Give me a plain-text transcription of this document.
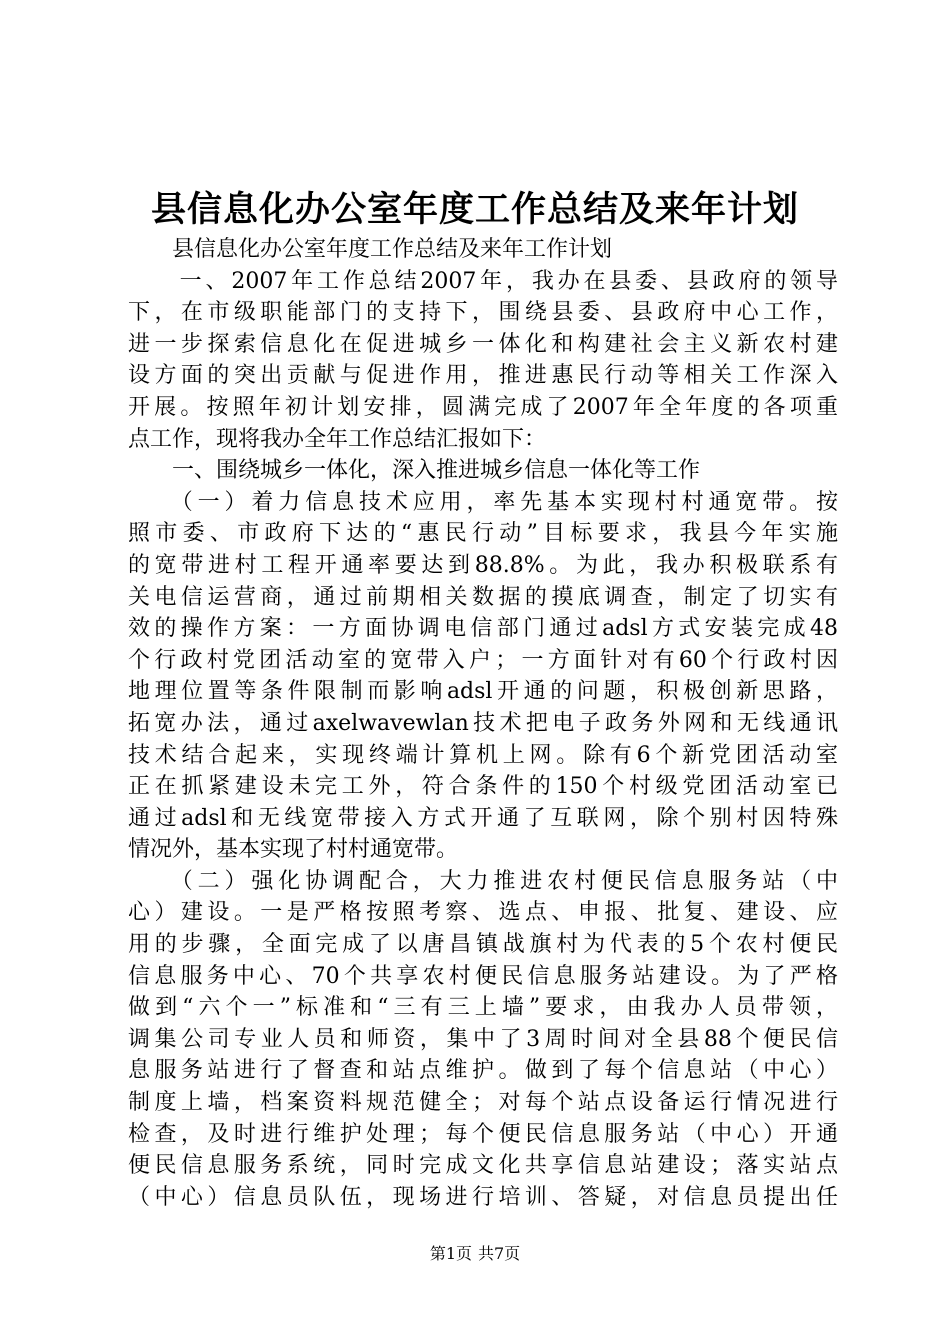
县信息化办公室年度工作总结及来年计划
　　县信息化办公室年度工作总结及来年工作计划
　　一、2007年工作总结2007年，我办在县委、县政府的领导
下，在市级职能部门的支持下，围绕县委、县政府中心工作，
进一步探索信息化在促进城乡一体化和构建社会主义新农村建
设方面的突出贡献与促进作用，推进惠民行动等相关工作深入
开展。按照年初计划安排，圆满完成了2007年全年度的各项重
点工作，现将我办全年工作总结汇报如下：
　　一、围绕城乡一体化，深入推进城乡信息一体化等工作
　　（一）着力信息技术应用，率先基本实现村村通宽带。按
照市委、市政府下达的“惠民行动”目标要求，我县今年实施
的宽带进村工程开通率要达到88.8%。为此，我办积极联系有
关电信运营商，通过前期相关数据的摸底调查，制定了切实有
效的操作方案：一方面协调电信部门通过adsl方式安装完成48
个行政村党团活动室的宽带入户；一方面针对有60个行政村因
地理位置等条件限制而影响adsl开通的问题，积极创新思路，
拓宽办法，通过axelwavewlan技术把电子政务外网和无线通讯
技术结合起来，实现终端计算机上网。除有6个新党团活动室
正在抓紧建设未完工外，符合条件的150个村级党团活动室已
通过adsl和无线宽带接入方式开通了互联网，除个别村因特殊
情况外，基本实现了村村通宽带。
　　（二）强化协调配合，大力推进农村便民信息服务站（中
心）建设。一是严格按照考察、选点、申报、批复、建设、应
用的步骤，全面完成了以唐昌镇战旗村为代表的5个农村便民
信息服务中心、70个共享农村便民信息服务站建设。为了严格
做到“六个一”标准和“三有三上墙”要求，由我办人员带领，
调集公司专业人员和师资，集中了3周时间对全县88个便民信
息服务站进行了督查和站点维护。做到了每个信息站（中心）
制度上墙，档案资料规范健全；对每个站点设备运行情况进行
检查，及时进行维护处理；每个便民信息服务站（中心）开通
便民信息服务系统，同时完成文化共享信息站建设；落实站点
（中心）信息员队伍，现场进行培训、答疑，对信息员提出任
第1页 共7页
